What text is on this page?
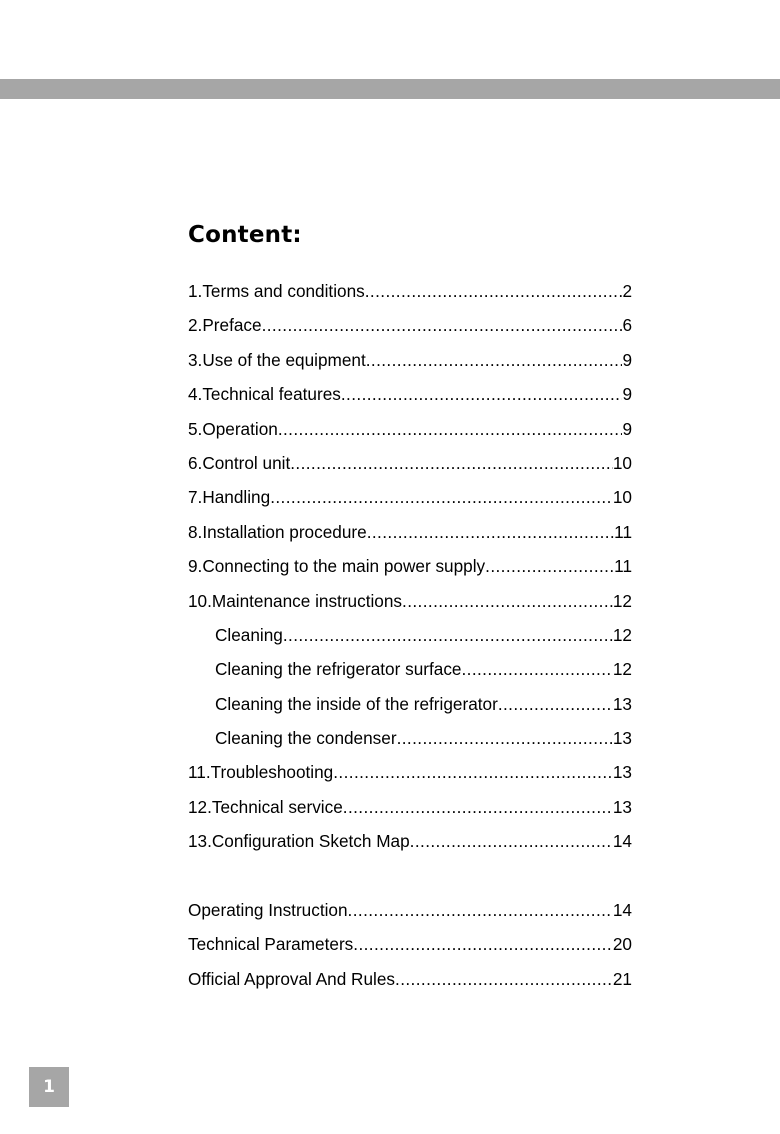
Content:
1.Terms and conditions .....	2
2.Preface .....	6
3.Use of the equipment .....	9
4.Technical features .....	9
5.Operation .....	9
6.Control unit .....	10
7.Handling .....	10
8.Installation procedure .....	11
9.Connecting to the main power supply .....	11
10.Maintenance instructions .....	12
Cleaning .....	12
Cleaning the refrigerator surface .....	12
Cleaning the inside of the refrigerator .....	13
Cleaning the condenser .....	13
11.Troubleshooting .....	13
12.Technical service .....	13
13.Configuration Sketch Map .....	14
Operating Instruction .....	14
Technical Parameters .....	20
Official Approval And Rules .....	21
1
